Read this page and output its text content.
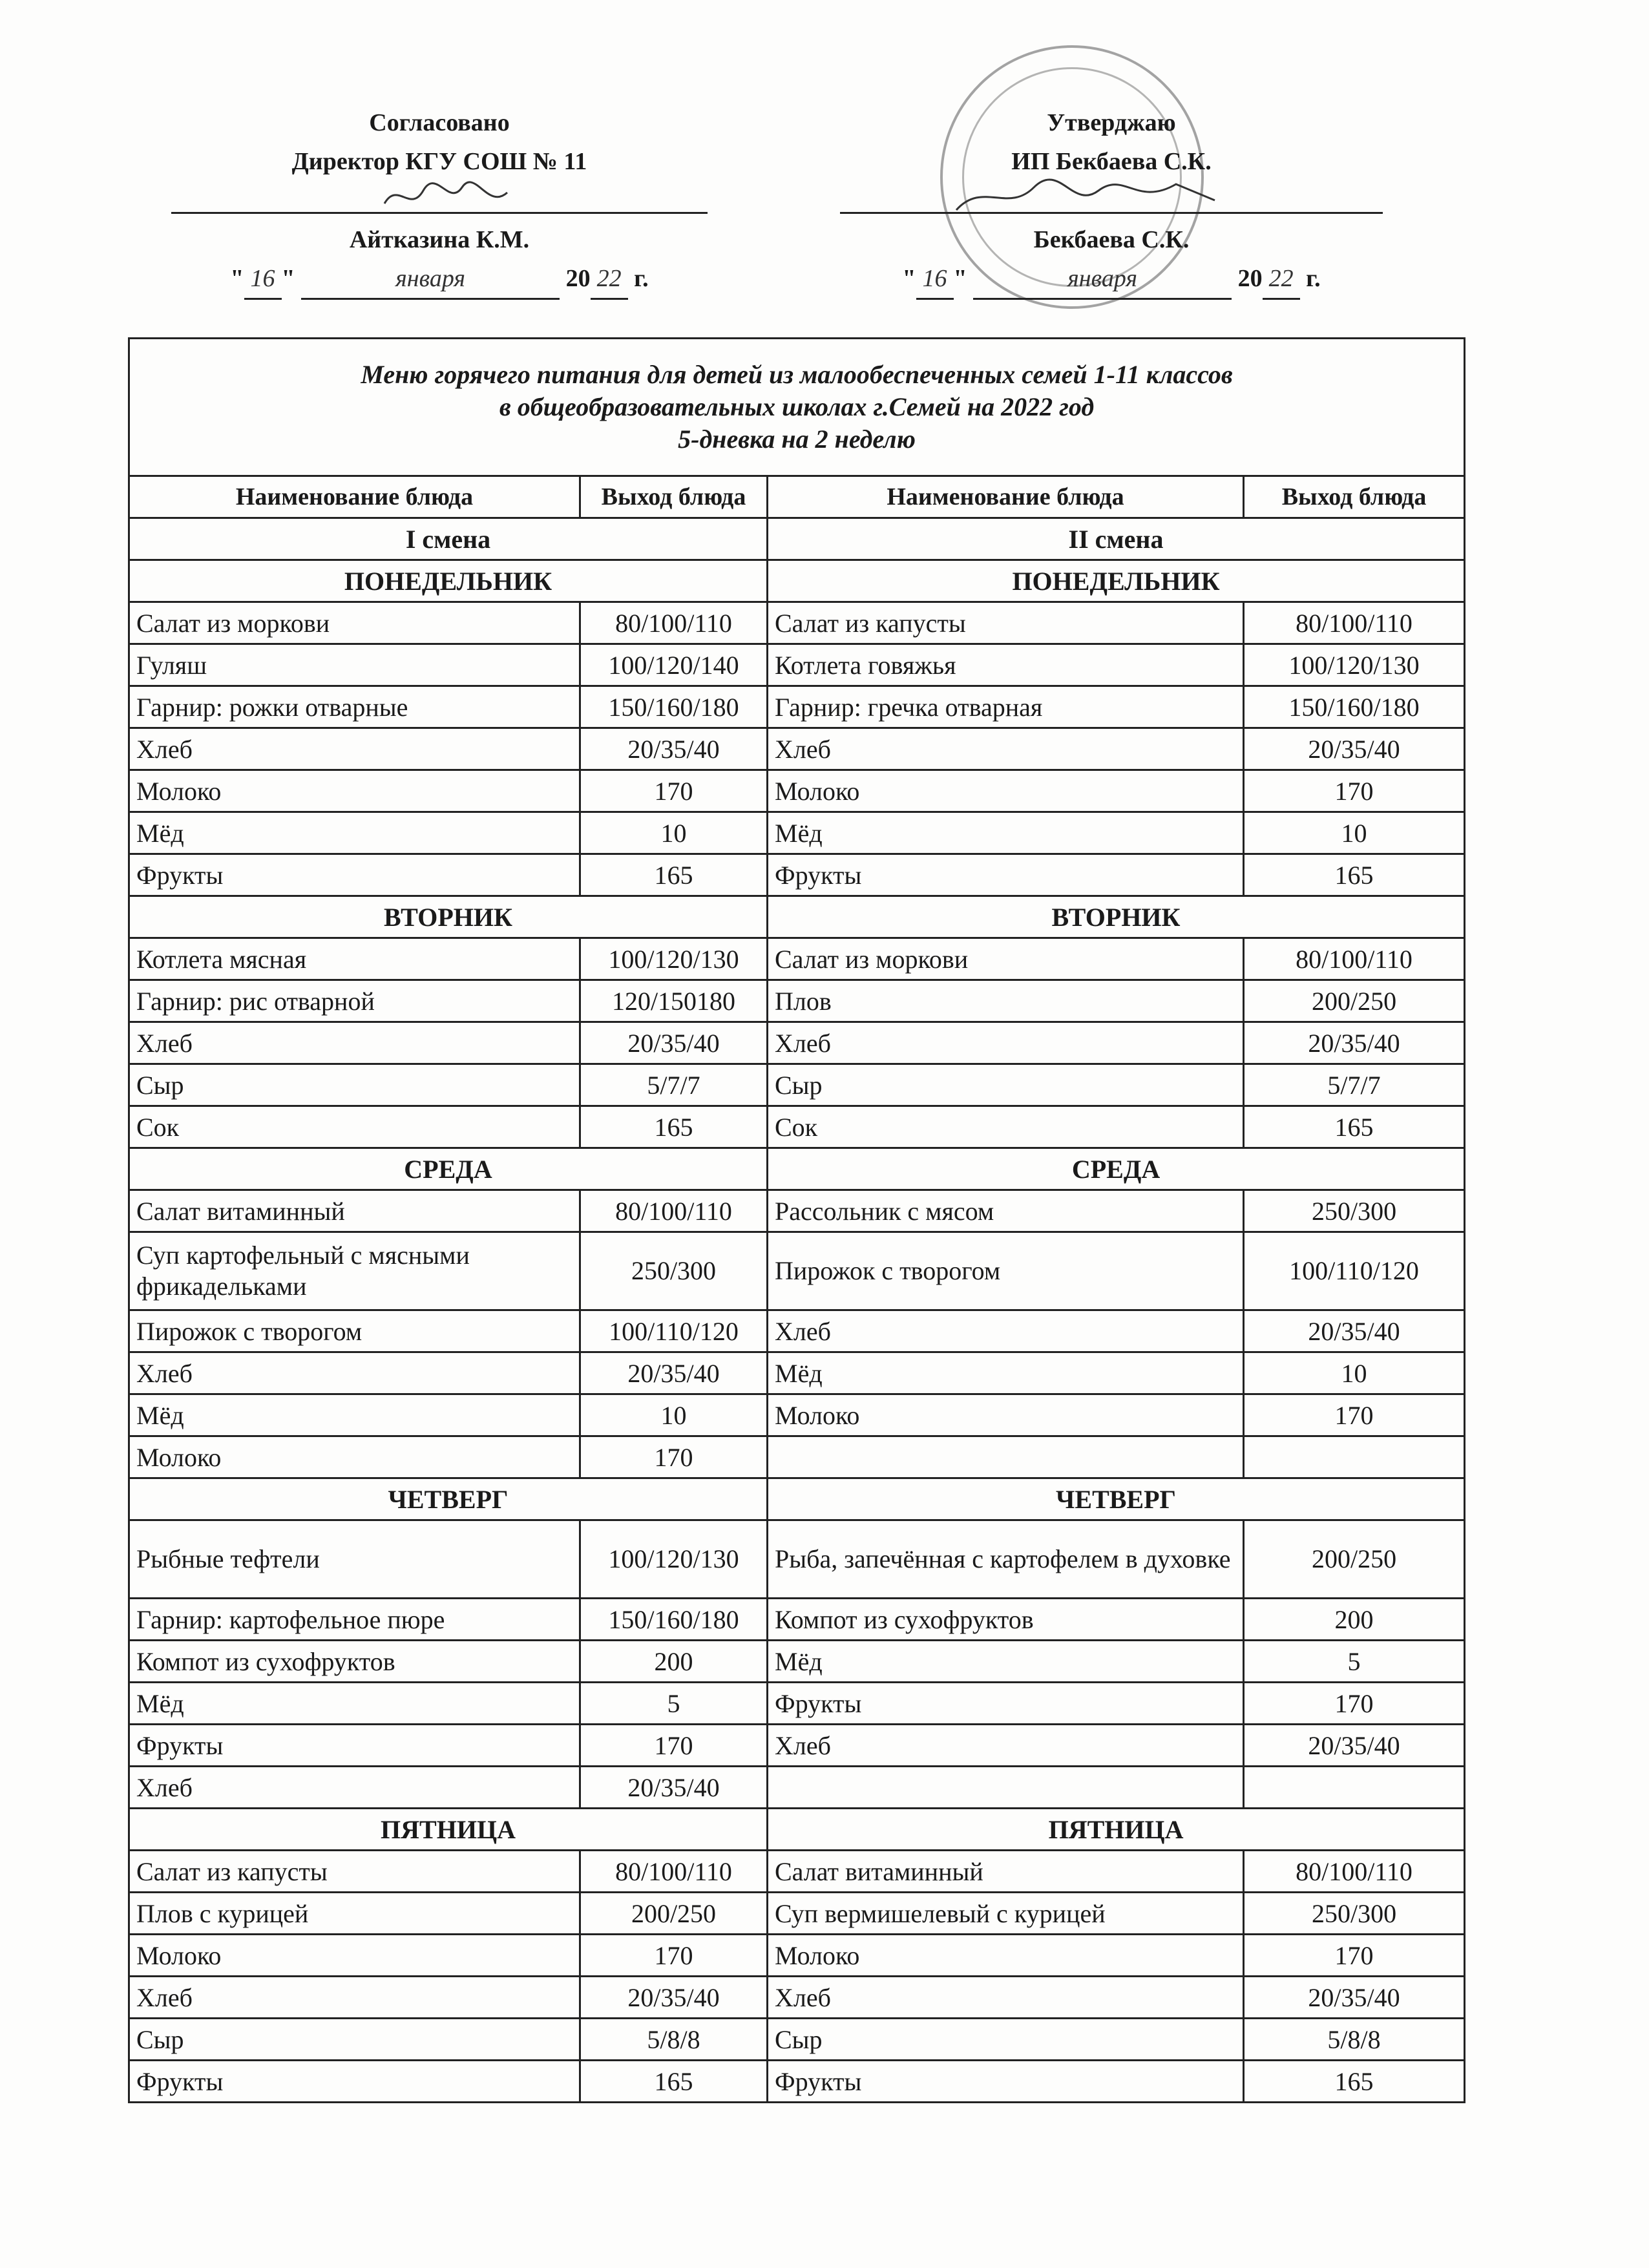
Согласовано
Директор КГУ СОШ № 11
Айтказина К.М.
" 16 "	января	20 22 г.
Утверджаю
ИП Бекбаева С.К.
Бекбаева С.К.
" 16 "	января	20 22 г.
Меню горячего питания для детей из малообеспеченных семей 1-11 классов
в общеобразовательных школах г.Семей на 2022 год
5-дневка на 2 неделю			

Наименование блюда	Выход блюда	Наименование блюда	Выход блюда
I смена		II смена	
ПОНЕДЕЛЬНИК		ПОНЕДЕЛЬНИК	
Салат из моркови	80/100/110	Салат из капусты	80/100/110
Гуляш	100/120/140	Котлета говяжья	100/120/130
Гарнир: рожки отварные	150/160/180	Гарнир: гречка отварная	150/160/180
Хлеб	20/35/40	Хлеб	20/35/40
Молоко	170	Молоко	170
Мёд	10	Мёд	10
Фрукты	165	Фрукты	165
ВТОРНИК		ВТОРНИК	
Котлета мясная	100/120/130	Салат из моркови	80/100/110
Гарнир: рис отварной	120/150180	Плов	200/250
Хлеб	20/35/40	Хлеб	20/35/40
Сыр	5/7/7	Сыр	5/7/7
Сок	165	Сок	165
СРЕДА		СРЕДА	
Салат витаминный	80/100/110	Рассольник с мясом	250/300
Суп картофельный с мясными фрикадельками	250/300	Пирожок с творогом	100/110/120
Пирожок с творогом	100/110/120	Хлеб	20/35/40
Хлеб	20/35/40	Мёд	10
Мёд	10	Молоко	170
Молоко	170		
ЧЕТВЕРГ		ЧЕТВЕРГ	
Рыбные тефтели	100/120/130	Рыба, запечённая с картофелем в духовке	200/250
Гарнир: картофельное пюре	150/160/180	Компот из сухофруктов	200
Компот из сухофруктов	200	Мёд	5
Мёд	5	Фрукты	170
Фрукты	170	Хлеб	20/35/40
Хлеб	20/35/40		
ПЯТНИЦА		ПЯТНИЦА	
Салат из капусты	80/100/110	Салат витаминный	80/100/110
Плов с курицей	200/250	Суп вермишелевый с курицей	250/300
Молоко	170	Молоко	170
Хлеб	20/35/40	Хлеб	20/35/40
Сыр	5/8/8	Сыр	5/8/8
Фрукты	165	Фрукты	165
